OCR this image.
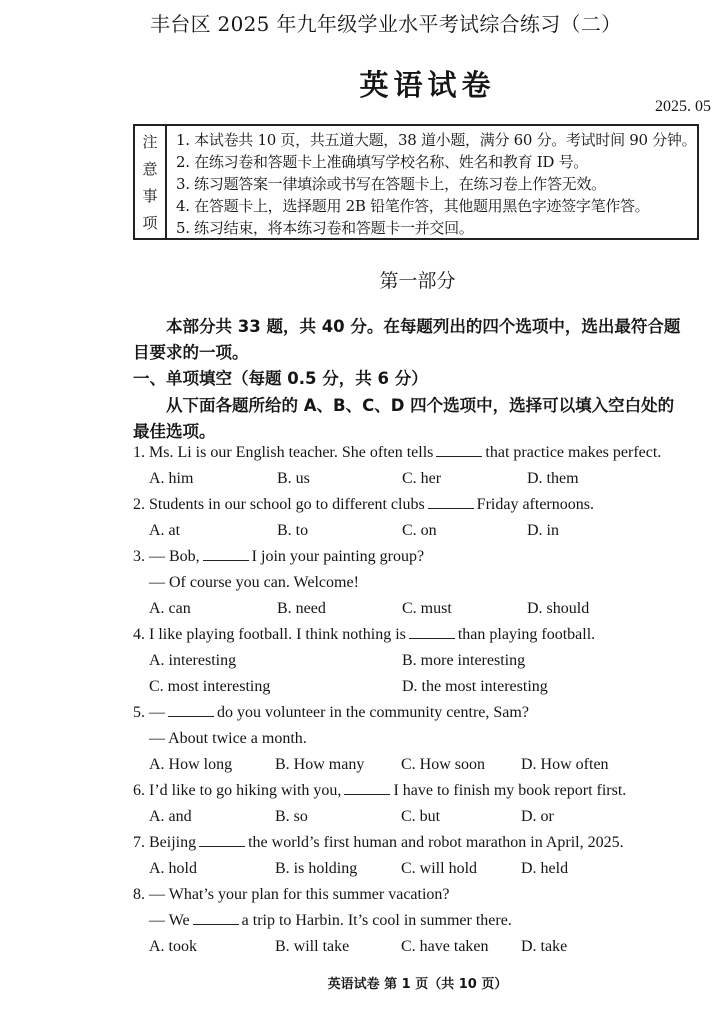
丰台区 2025 年九年级学业水平考试综合练习（二）
英语试卷
2025. 05
注
意
事
项
1. 本试卷共 10 页，共五道大题，38 道小题，满分 60 分。考试时间 90 分钟。
2. 在练习卷和答题卡上准确填写学校名称、姓名和教育 ID 号。
3. 练习题答案一律填涂或书写在答题卡上，在练习卷上作答无效。
4. 在答题卡上，选择题用 2B 铅笔作答，其他题用黑色字迹签字笔作答。
5. 练习结束，将本练习卷和答题卡一并交回。
第一部分
本部分共 33 题，共 40 分。在每题列出的四个选项中，选出最符合题
目要求的一项。
一、单项填空（每题 0.5 分，共 6 分）
从下面各题所给的 A、B、C、D 四个选项中，选择可以填入空白处的
最佳选项。
1. Ms. Li is our English teacher. She often tells	that practice makes perfect.
A. him	B. us	C. her	D. them
2. Students in our school go to different clubs	Friday afternoons.
A. at	B. to	C. on	D. in
3. — Bob,	I join your painting group?
— Of course you can. Welcome!
A. can	B. need	C. must	D. should
4. I like playing football. I think nothing is	than playing football.
A. interesting	B. more interesting
C. most interesting	D. the most interesting
5. —	do you volunteer in the community centre, Sam?
— About twice a month.
A. How long	B. How many C. How soon D. How often
6. I’d like to go hiking with you,	I have to finish my book report first.
A. and	B. so	C. but	D. or
7. Beijing	the world’s first human and robot marathon in April, 2025.
A. hold	B. is holding	C. will hold	D. held
8. — What’s your plan for this summer vacation?
— We	a trip to Harbin. It’s cool in summer there.
A. took	B. will take	C. have taken D. take
英语试卷 第 1 页（共 10 页）
